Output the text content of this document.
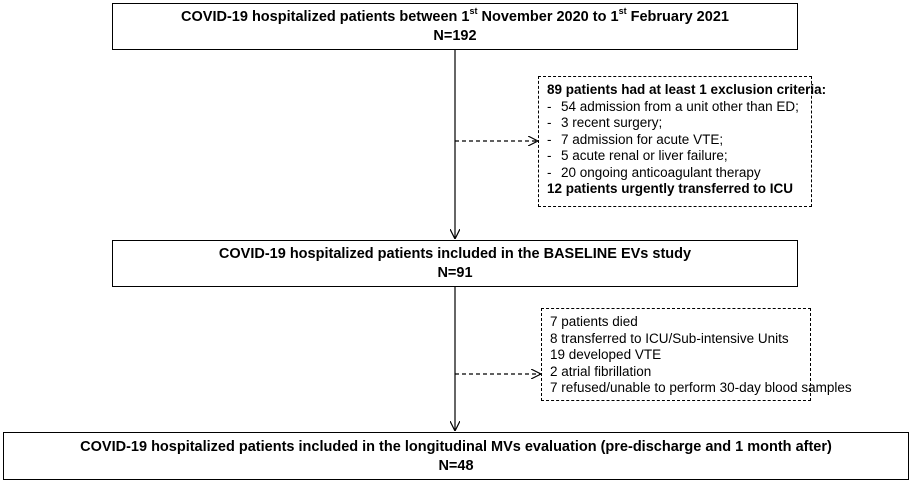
COVID-19 hospitalized patients between 1st November 2020 to 1st February 2021
N=192
89 patients had at least 1 exclusion criteria:
- 54 admission from a unit other than ED;
- 3 recent surgery;
- 7 admission for acute VTE;
- 5 acute renal or liver failure;
- 20 ongoing anticoagulant therapy
12 patients urgently transferred to ICU
COVID-19 hospitalized patients included in the BASELINE EVs study
N=91
7 patients died
8 transferred to ICU/Sub-intensive Units
19 developed VTE
2 atrial fibrillation
7 refused/unable to perform 30-day blood samples
COVID-19 hospitalized patients included in the longitudinal MVs evaluation (pre-discharge and 1 month after)
N=48
